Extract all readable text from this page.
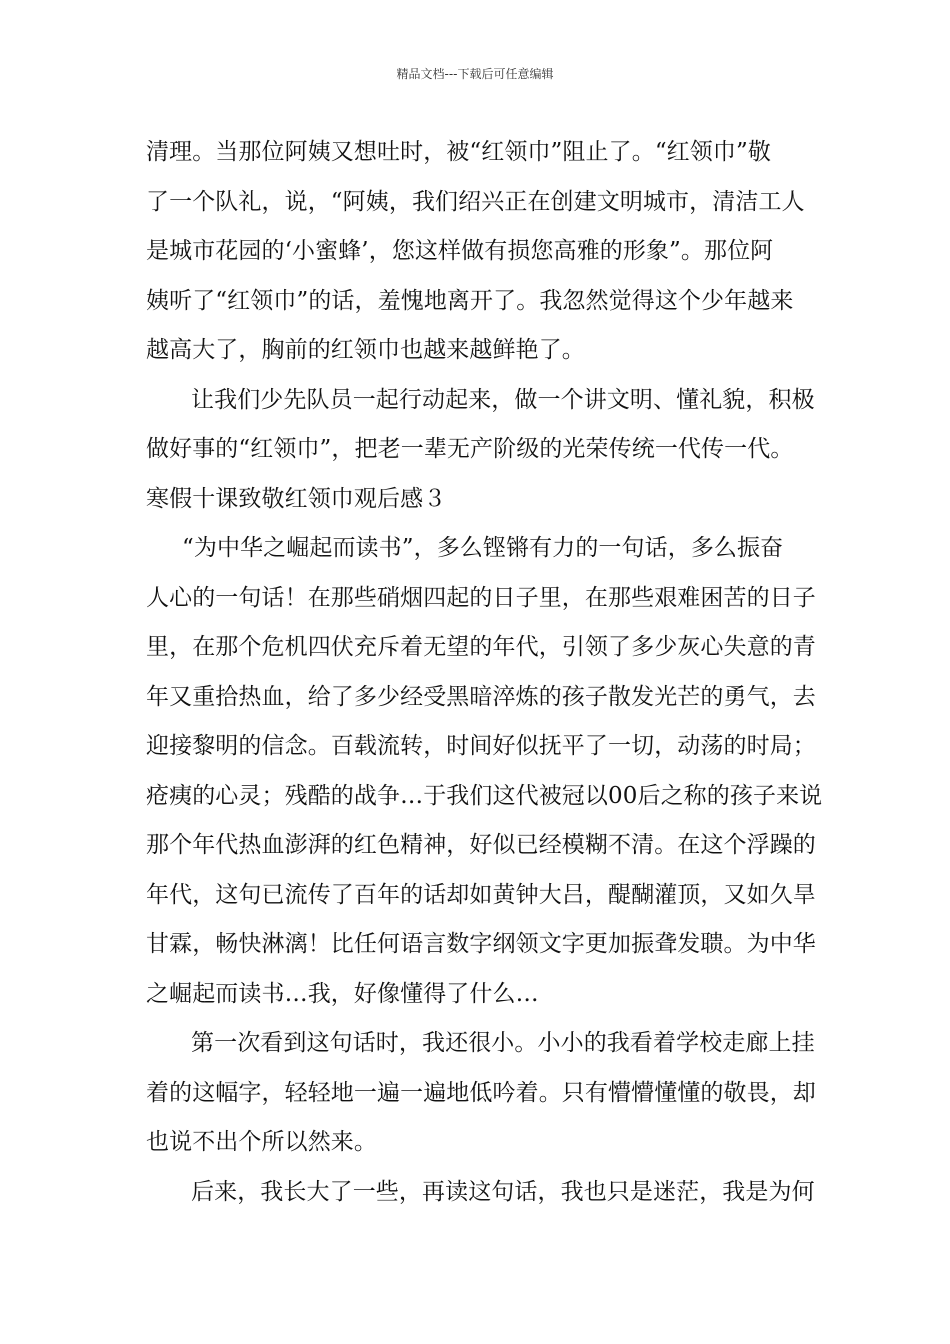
精品文档---下载后可任意编辑
清理。当那位阿姨又想吐时，被“红领巾”阻止了。“红领巾”敬
了一个队礼，说，“阿姨，我们绍兴正在创建文明城市，清洁工人
是城市花园的‘小蜜蜂’，您这样做有损您高雅的形象”。那位阿
姨听了“红领巾”的话，羞愧地离开了。我忽然觉得这个少年越来
越高大了，胸前的红领巾也越来越鲜艳了。
让我们少先队员一起行动起来，做一个讲文明、懂礼貌，积极
做好事的“红领巾”，把老一辈无产阶级的光荣传统一代传一代。
寒假十课致敬红领巾观后感３
“为中华之崛起而读书”，多么铿锵有力的一句话，多么振奋
人心的一句话！在那些硝烟四起的日子里，在那些艰难困苦的日子
里，在那个危机四伏充斥着无望的年代，引领了多少灰心失意的青
年又重拾热血，给了多少经受黑暗淬炼的孩子散发光芒的勇气，去
迎接黎明的信念。百载流转，时间好似抚平了一切，动荡的时局；
疮痍的心灵；残酷的战争…于我们这代被冠以00后之称的孩子来说
那个年代热血澎湃的红色精神，好似已经模糊不清。在这个浮躁的
年代，这句已流传了百年的话却如黄钟大吕，醍醐灌顶，又如久旱
甘霖，畅快淋漓！比任何语言数字纲领文字更加振聋发聩。为中华
之崛起而读书…我，好像懂得了什么…
第一次看到这句话时，我还很小。小小的我看着学校走廊上挂
着的这幅字，轻轻地一遍一遍地低吟着。只有懵懵懂懂的敬畏，却
也说不出个所以然来。
后来，我长大了一些，再读这句话，我也只是迷茫，我是为何
